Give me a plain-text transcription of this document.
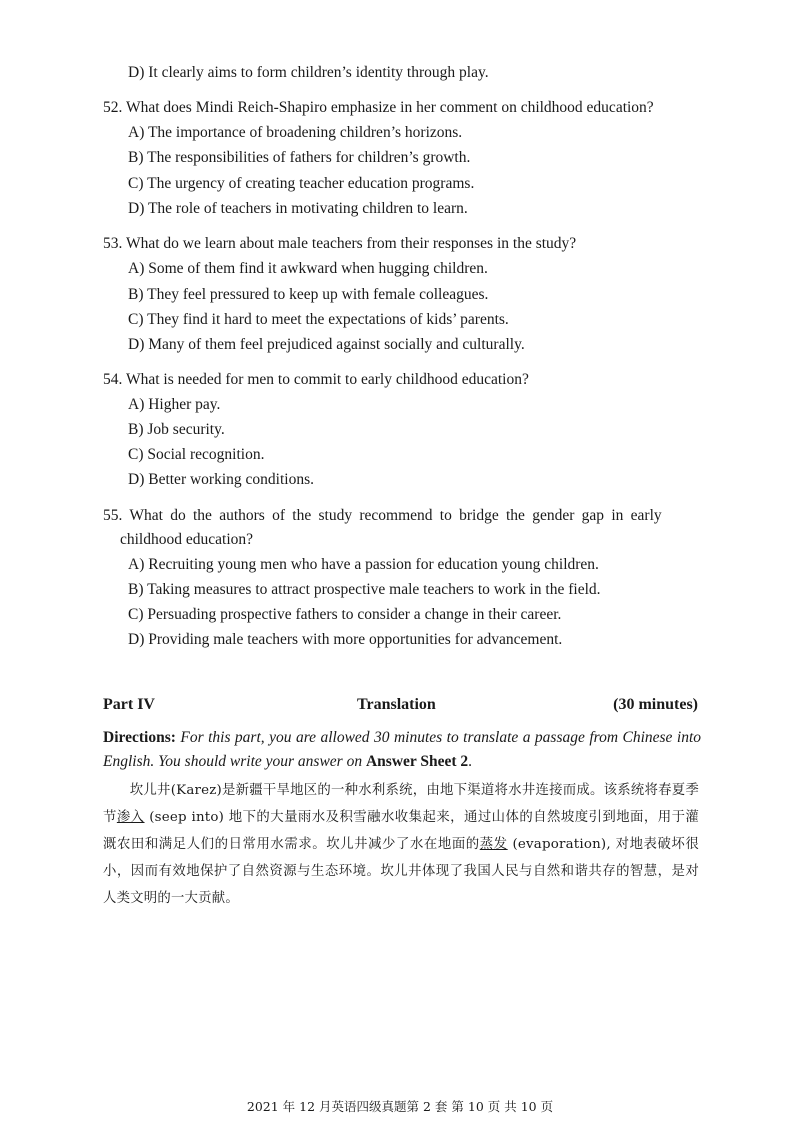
D) It clearly aims to form children’s identity through play.
52. What does Mindi Reich-Shapiro emphasize in her comment on childhood education?
A) The importance of broadening children’s horizons.
B) The responsibilities of fathers for children’s growth.
C) The urgency of creating teacher education programs.
D) The role of teachers in motivating children to learn.
53. What do we learn about male teachers from their responses in the study?
A) Some of them find it awkward when hugging children.
B) They feel pressured to keep up with female colleagues.
C) They find it hard to meet the expectations of kids’ parents.
D) Many of them feel prejudiced against socially and culturally.
54. What is needed for men to commit to early childhood education?
A) Higher pay.
B) Job security.
C) Social recognition.
D) Better working conditions.
55. What do the authors of the study recommend to bridge the gender gap in early
childhood education?
A) Recruiting young men who have a passion for education young children.
B) Taking measures to attract prospective male teachers to work in the field.
C) Persuading prospective fathers to consider a change in their career.
D) Providing male teachers with more opportunities for advancement.
Part IV	Translation	(30 minutes)
Directions: For this part, you are allowed 30 minutes to translate a passage from Chinese into English. You should write your answer on Answer Sheet 2.
坎儿井(Karez)是新疆干旱地区的一种水利系统，由地下渠道将水井连接而成。该系统将春夏季节渗入 (seep into) 地下的大量雨水及积雪融水收集起来，通过山体的自然坡度引到地面，用于灌溉农田和满足人们的日常用水需求。坎儿井减少了水在地面的蒸发 (evaporation), 对地表破坏很小，因而有效地保护了自然资源与生态环境。坎儿井体现了我国人民与自然和谐共存的智慧，是对人类文明的一大贡献。
2021 年 12 月英语四级真题第 2 套 第 10 页 共 10 页
